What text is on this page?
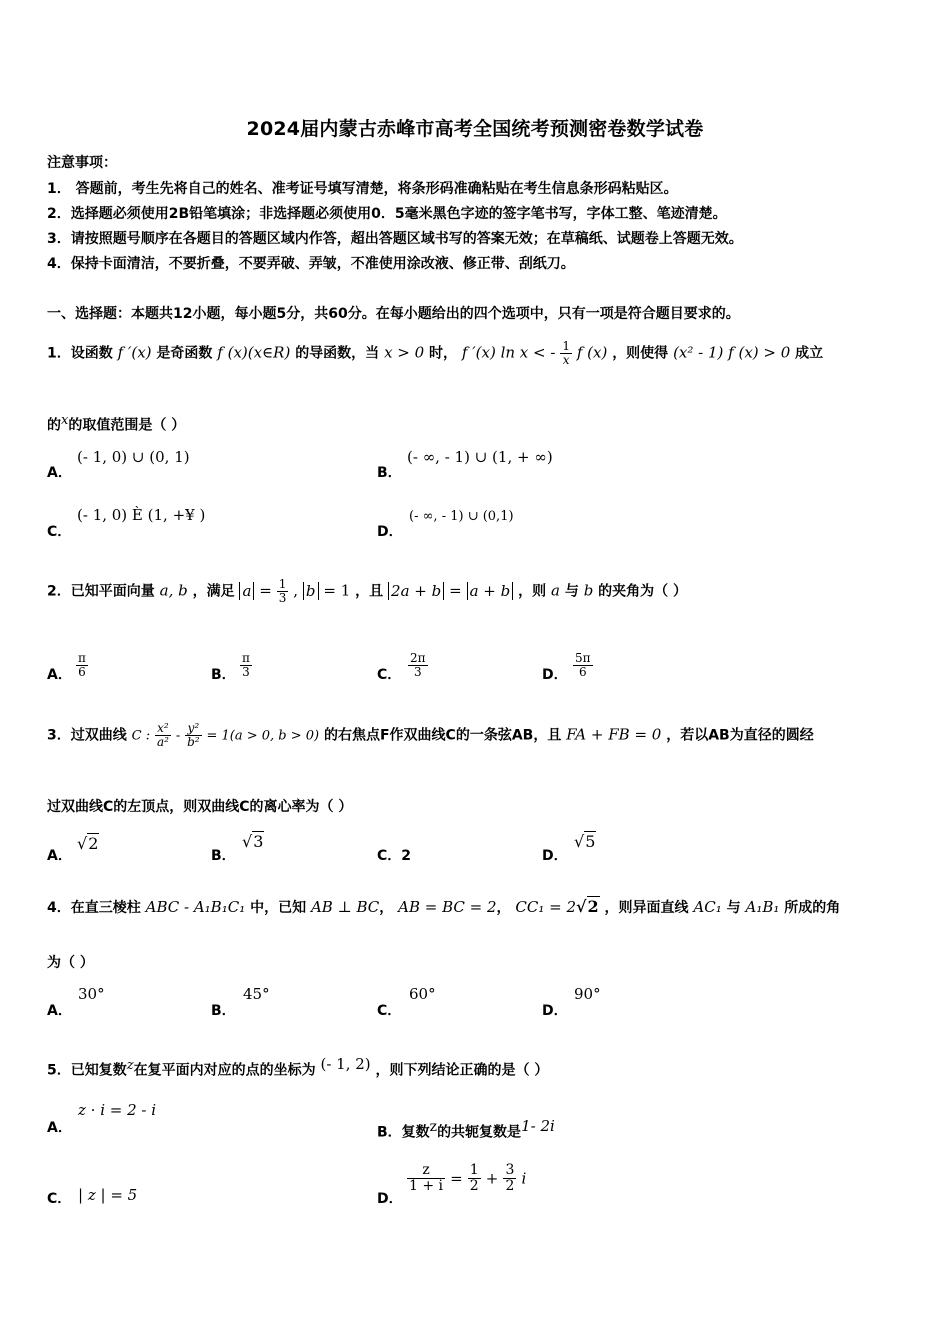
2024届内蒙古赤峰市高考全国统考预测密卷数学试卷
注意事项：
1． 答题前，考生先将自己的姓名、准考证号填写清楚，将条形码准确粘贴在考生信息条形码粘贴区。
2．选择题必须使用2B铅笔填涂；非选择题必须使用0．5毫米黑色字迹的签字笔书写，字体工整、笔迹清楚。
3．请按照题号顺序在各题目的答题区域内作答，超出答题区域书写的答案无效；在草稿纸、试题卷上答题无效。
4．保持卡面清洁，不要折叠，不要弄破、弄皱，不准使用涂改液、修正带、刮纸刀。
一、选择题：本题共12小题，每小题5分，共60分。在每小题给出的四个选项中，只有一项是符合题目要求的。
1．设函数 f ′(x) 是奇函数 f (x)(x∈R) 的导函数，当 x > 0 时， f ′(x) ln x < - $\frac{1}{x}$ f (x) ，则使得 (x² - 1) f (x) > 0 成立
的x的取值范围是（ ）
A．
(- 1, 0) ∪ (0, 1)
B．
(- ∞, - 1) ∪ (1, + ∞)
C．
(- 1, 0) È (1, +¥ )
D．
(- ∞, - 1) ∪ (0,1)
2．已知平面向量 a, b ，满足 $a = \frac{1}{3}$ , b = 1 ，且 2a + b = a + b ，则 a 与 b 的夹角为（ ）
A． $\frac{\pi}{6}$	B． $\frac{\pi}{3}$	C． $\frac{2\pi}{3}$	D． $\frac{5\pi}{6}$
3．过双曲线 C : $\frac{\text{x²}}{\text{a²}} - \frac{\text{y²}}{\text{b²}} = 1(a > 0$, b > 0) 的右焦点F作双曲线C的一条弦AB，且 FA + FB = 0 ，若以AB为直径的圆经
过双曲线C的左顶点，则双曲线C的离心率为（ ）
A．
√2
B．
√3
C．2	D．
√5
4．在直三棱柱 ABC - A₁B₁C₁ 中，已知 AB ⊥ BC， AB = BC = 2， CC₁ = 2√2 ，则异面直线 AC₁ 与 A₁B₁ 所成的角
为（ ）
A．
30°
B．
45°
C．
60°
D．
90°
5．已知复数z在复平面内对应的点的坐标为 (- 1, 2) ，则下列结论正确的是（ ）
A．
z · i = 2 - i
B．复数z的共轭复数是1- 2i
C． | z | = 5	D．
$\frac{z}{1 + i} = \frac{1}{2} + \frac{3}{2}$ i
